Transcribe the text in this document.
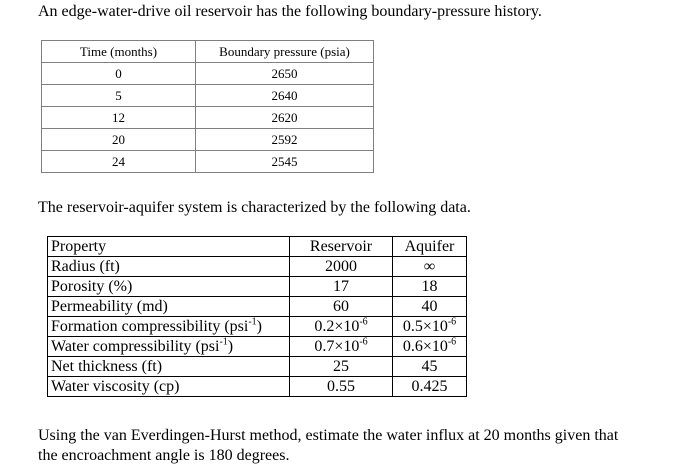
An edge-water-drive oil reservoir has the following boundary-pressure history.
Time (months)	Boundary pressure (psia)
0	2650
5	2640
12	2620
20	2592
24	2545
The reservoir-aquifer system is characterized by the following data.
Property	Reservoir	Aquifer
Radius (ft)	2000	∞
Porosity (%)	17	18
Permeability (md)	60	40
Formation compressibility (psi$^{-1}$)	$0.2\times 10^{-6}$	$0.5\times 10^{-6}$
Water compressibility (psi$^{-1}$)	$0.7\times 10^{-6}$	$0.6\times 10^{-6}$
Net thickness (ft)	25	45
Water viscosity (cp)	0.55	0.425
Using the van Everdingen-Hurst method, estimate the water influx at 20 months given that
the encroachment angle is 180 degrees.
